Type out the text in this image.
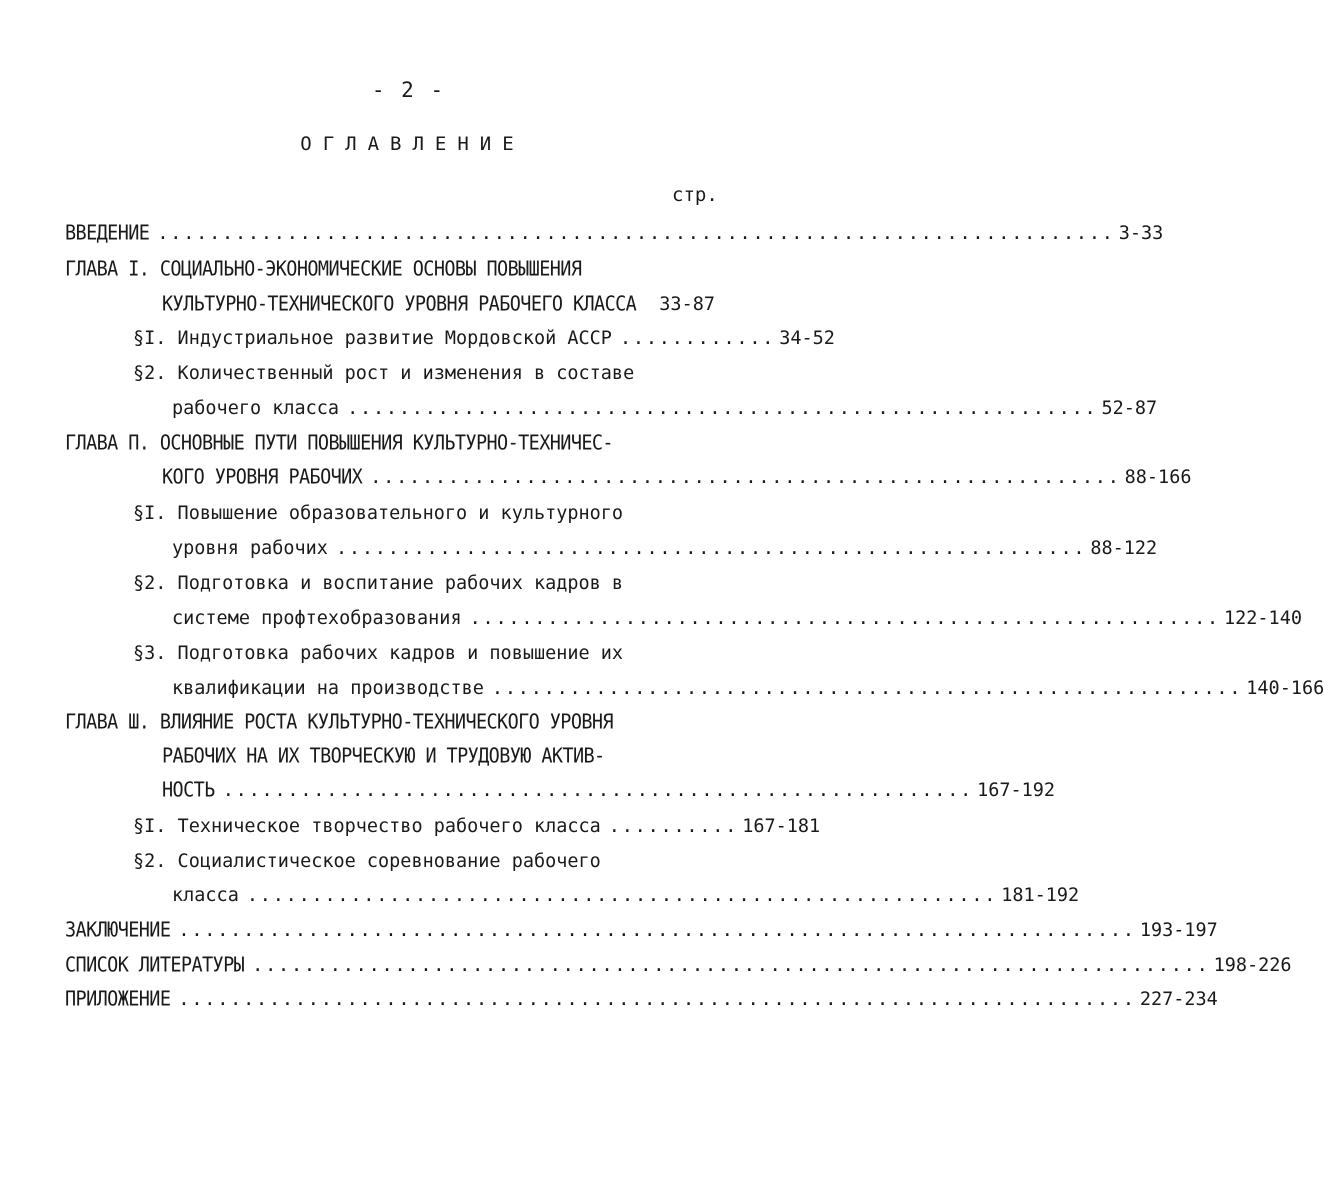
- 2 -
ОГЛАВЛЕНИЕ
стр.
ВВЕДЕНИЕ .......................................................................... 3-33
ГЛАВА I. СОЦИАЛЬНО-ЭКОНОМИЧЕСКИЕ ОСНОВЫ ПОВЫШЕНИЯ
КУЛЬТУРНО-ТЕХНИЧЕСКОГО УРОВНЯ РАБОЧЕГО КЛАССА 33-87
§I. Индустриальное развитие Мордовской АССР ............ 34-52
§2. Количественный рост и изменения в составе
рабочего класса .......................................................... 52-87
ГЛАВА П. ОСНОВНЫЕ ПУТИ ПОВЫШЕНИЯ КУЛЬТУРНО-ТЕХНИЧЕС-
КОГО УРОВНЯ РАБОЧИХ .......................................................... 88-166
§I. Повышение образовательного и культурного
уровня рабочих .......................................................... 88-122
§2. Подготовка и воспитание рабочих кадров в
системе профтехобразования .......................................................... 122-140
§3. Подготовка рабочих кадров и повышение их
квалификации на производстве .......................................................... 140-166
ГЛАВА Ш. ВЛИЯНИЕ РОСТА КУЛЬТУРНО-ТЕХНИЧЕСКОГО УРОВНЯ
РАБОЧИХ НА ИХ ТВОРЧЕСКУЮ И ТРУДОВУЮ АКТИВ-
НОСТЬ .......................................................... 167-192
§I. Техническое творчество рабочего класса .......... 167-181
§2. Социалистическое соревнование рабочего
класса .......................................................... 181-192
ЗАКЛЮЧЕНИЕ .......................................................................... 193-197
СПИСОК ЛИТЕРАТУРЫ .......................................................................... 198-226
ПРИЛОЖЕНИЕ .......................................................................... 227-234
